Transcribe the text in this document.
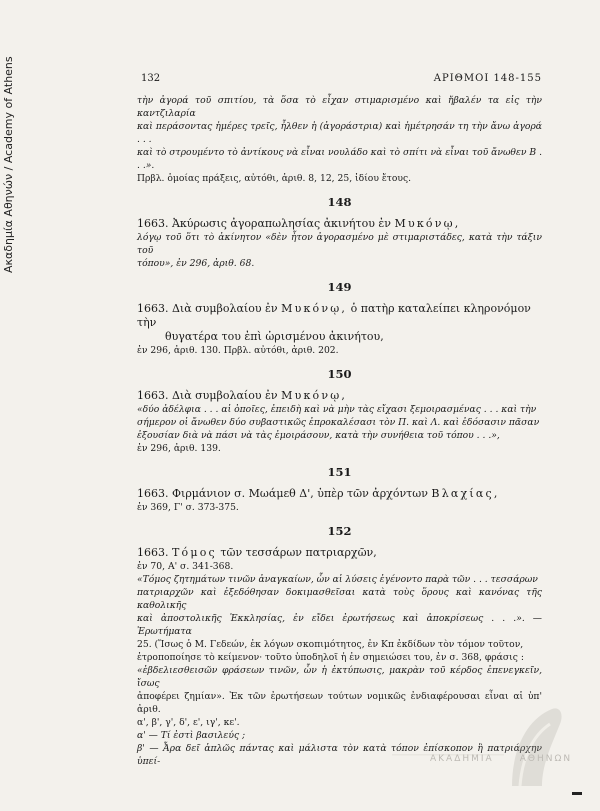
Ακαδημία Αθηνών / Academy of Athens	132	ΑΡΙΘΜΟΙ 148-155

τὴν ἀγορά τοῦ σπιτίου, τὰ ὅσα τὸ εἶχαν στιμαρισμένο καὶ ἤβαλέν τα εἰς τὴν καντζιλαρία

καὶ περάσοντας ἡμέρες τρεῖς, ἦλθεν ἡ (ἀγοράστρια) καὶ ἠμέτρησάν τη τὴν ἄνω ἀγορά . . .

καὶ τὸ στρουμέντο τὸ ἀντίκους νὰ εἶναι νουλάδο καὶ τὸ σπίτι νὰ εἶναι τοῦ ἄνωθεν Β . . .».

Πρβλ. ὁμοίας πράξεις, αὐτόθι, ἀριθ. 8, 12, 25, ἰδίου ἔτους.

148

1663. Ἀκύρωσις ἀγοραπωλησίας ἀκινήτου ἐν Μυκόνῳ,

λόγῳ τοῦ ὅτι τὸ ἀκίνητον «δὲν ἦτον ἀγορασμένο μὲ στιμαριστάδες, κατὰ τὴν τάξιν τοῦ

τόπου», ἐν 296, ἀριθ. 68.

149

1663. Διὰ συμβολαίου ἐν Μυκόνῳ, ὁ πατὴρ καταλείπει κληρονόμον τὴν
θυγατέρα του ἐπὶ ὡρισμένου ἀκινήτου,

ἐν 296, ἀριθ. 130. Πρβλ. αὐτόθι, ἀριθ. 202.

150

1663. Διὰ συμβολαίου ἐν Μυκόνῳ,

«δύο ἀδέλφια . . . αἱ ὁποῖες, ἐπειδὴ καὶ νὰ μὴν τὰς εἴχασι ξεμοιρασμένας . . . καὶ τὴν

σήμερον οἱ ἄνωθεν δύο συβαστικῶς ἐπροκαλέσασι τὸν Π. καὶ Λ. καὶ ἐδόσασιν πᾶσαν

ἐξουσίαν διὰ νὰ πάσι νὰ τὰς ἐμοιράσουν, κατὰ τὴν συνήθεια τοῦ τόπου . . .»,

ἐν 296, ἀριθ. 139.

151

1663. Φιρμάνιον σ. Μωάμεθ Δ', ὑπὲρ τῶν ἀρχόντων Βλαχίας,

ἐν 369, Γ' σ. 373-375.

152

1663. Τόμος τῶν τεσσάρων πατριαρχῶν,

ἐν 70, Α' σ. 341-368.

«Τόμος ζητημάτων τινῶν ἀναγκαίων, ὧν αἱ λύσεις ἐγένοντο παρὰ τῶν . . . τεσσάρων

πατριαρχῶν καὶ ἐξεδόθησαν δοκιμασθεῖσαι κατὰ τοὺς ὅρους καὶ κανόνας τῆς καθολικῆς

καὶ ἀποστολικῆς Ἐκκλησίας, ἐν εἴδει ἐρωτήσεως καὶ ἀποκρίσεως . . .». — Ἐρωτήματα

25. (Ἴσως ὁ Μ. Γεδεών, ἐκ λόγων σκοπιμότητος, ἐν Κπ ἐκδίδων τὸν τόμον τοῦτον,

ἐτροποποίησε τὸ κείμενον· τοῦτο ὑποδηλοῖ ἡ ἐν σημειώσει του, ἐν σ. 368, φράσις :

«ἐβδελιεσθεισῶν φράσεων τινῶν, ὧν ἡ ἐκτύπωσις, μακρὰν τοῦ κέρδος ἐπενεγκεῖν, ἴσως

ἀποφέρει ζημίαν». Ἐκ τῶν ἐρωτήσεων τούτων νομικῶς ἐνδιαφέρουσαι εἶναι αἱ ὑπ' ἀριθ.

α', β', γ', δ', ε', ιγ', κε'.

α' — Τί ἐστὶ βασιλεύς ;

β' — Ἆρα δεῖ ἁπλῶς πάντας καὶ μάλιστα τὸν κατὰ τόπον ἐπίσκοπον ἢ πατριάρχην ὑπεί-	ΑΚΑΔΗΜΙΑ	ΑΘΗΝΩΝ
